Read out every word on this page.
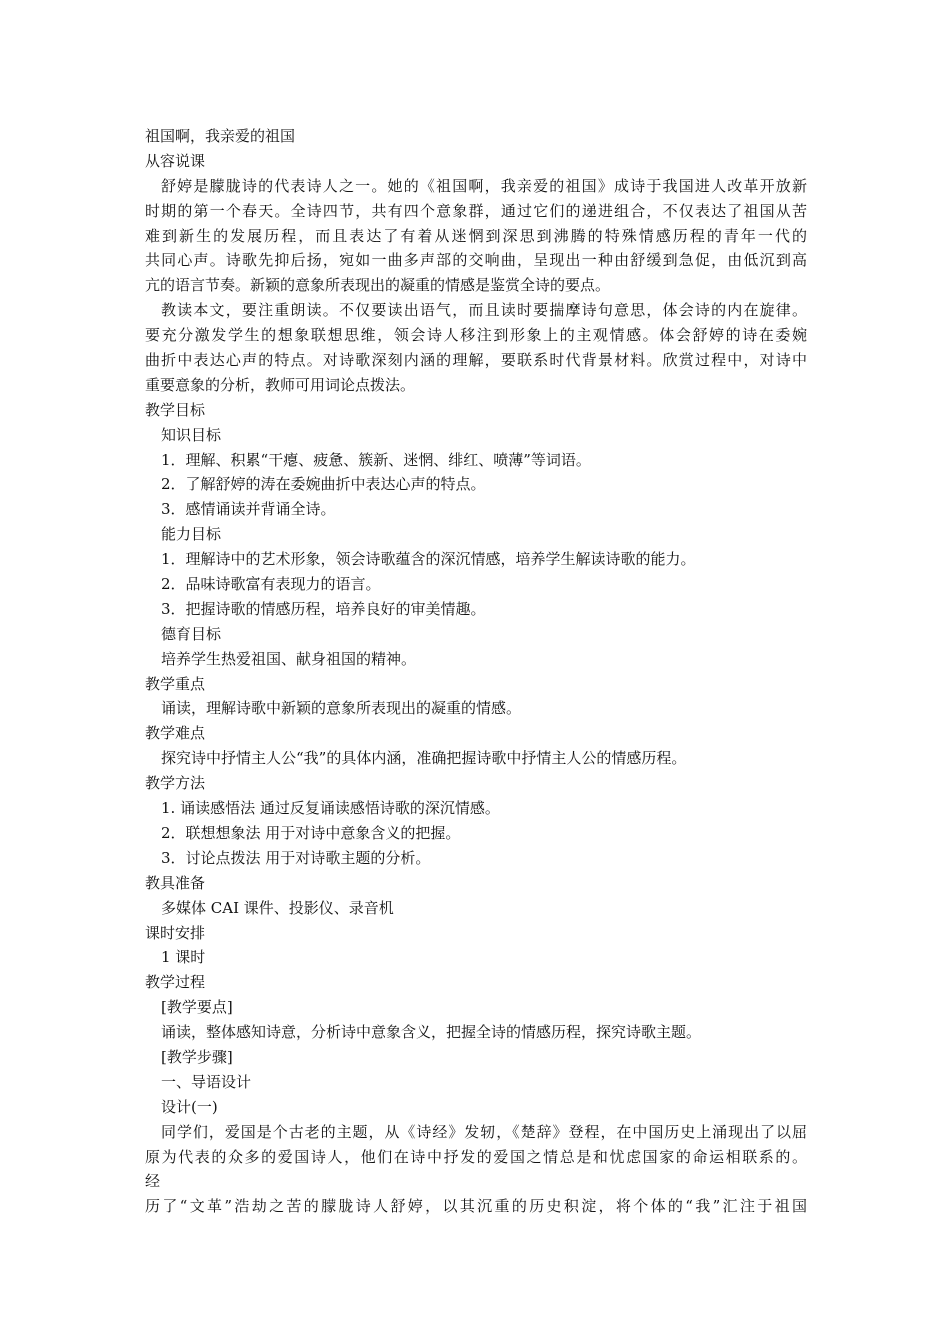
祖国啊，我亲爱的祖国
从容说课
舒婷是朦胧诗的代表诗人之一。她的《祖国啊，我亲爱的祖国》成诗于我国进人改革开放新
时期的第一个春天。全诗四节，共有四个意象群，通过它们的递进组合，不仅表达了祖国从苦
难到新生的发展历程，而且表达了有着从迷惘到深思到沸腾的特殊情感历程的青年一代的
共同心声。诗歌先抑后扬，宛如一曲多声部的交响曲，呈现出一种由舒缓到急促，由低沉到高
亢的语言节奏。新颖的意象所表现出的凝重的情感是鉴赏全诗的要点。
教读本文，要注重朗读。不仅要读出语气，而且读时要揣摩诗句意思，体会诗的内在旋律。
要充分激发学生的想象联想思维，领会诗人移注到形象上的主观情感。体会舒婷的诗在委婉
曲折中表达心声的特点。对诗歌深刻内涵的理解，要联系时代背景材料。欣赏过程中，对诗中
重要意象的分析，教师可用词论点拨法。
教学目标
知识目标
1．理解、积累“干瘪、疲惫、簇新、迷惘、绯红、喷薄”等词语。
2．了解舒婷的涛在委婉曲折中表达心声的特点。
3．感情诵读并背诵全诗。
能力目标
1．理解诗中的艺术形象，领会诗歌蕴含的深沉情感，培养学生解读诗歌的能力。
2．品味诗歌富有表现力的语言。
3．把握诗歌的情感历程，培养良好的审美情趣。
德育目标
培养学生热爱祖国、献身祖国的精神。
教学重点
诵读，理解诗歌中新颖的意象所表现出的凝重的情感。
教学难点
探究诗中抒情主人公“我”的具体内涵，准确把握诗歌中抒情主人公的情感历程。
教学方法
1. 诵读感悟法 通过反复诵读感悟诗歌的深沉情感。
2．联想想象法 用于对诗中意象含义的把握。
3．讨论点拨法 用于对诗歌主题的分析。
教具准备
多媒体 CAI 课件、投影仪、录音机
课时安排
1 课时
教学过程
[教学要点]
诵读，整体感知诗意，分析诗中意象含义，把握全诗的情感历程，探究诗歌主题。
[教学步骤]
一、导语设计
设计(一)
同学们，爱国是个古老的主题，从《诗经》发轫，《楚辞》登程，在中国历史上涌现出了以屈
原为代表的众多的爱国诗人，他们在诗中抒发的爱国之情总是和忧虑国家的命运相联系的。
经
历了“文革”浩劫之苦的朦胧诗人舒婷，以其沉重的历史积淀，将个体的“我”汇注于祖国
